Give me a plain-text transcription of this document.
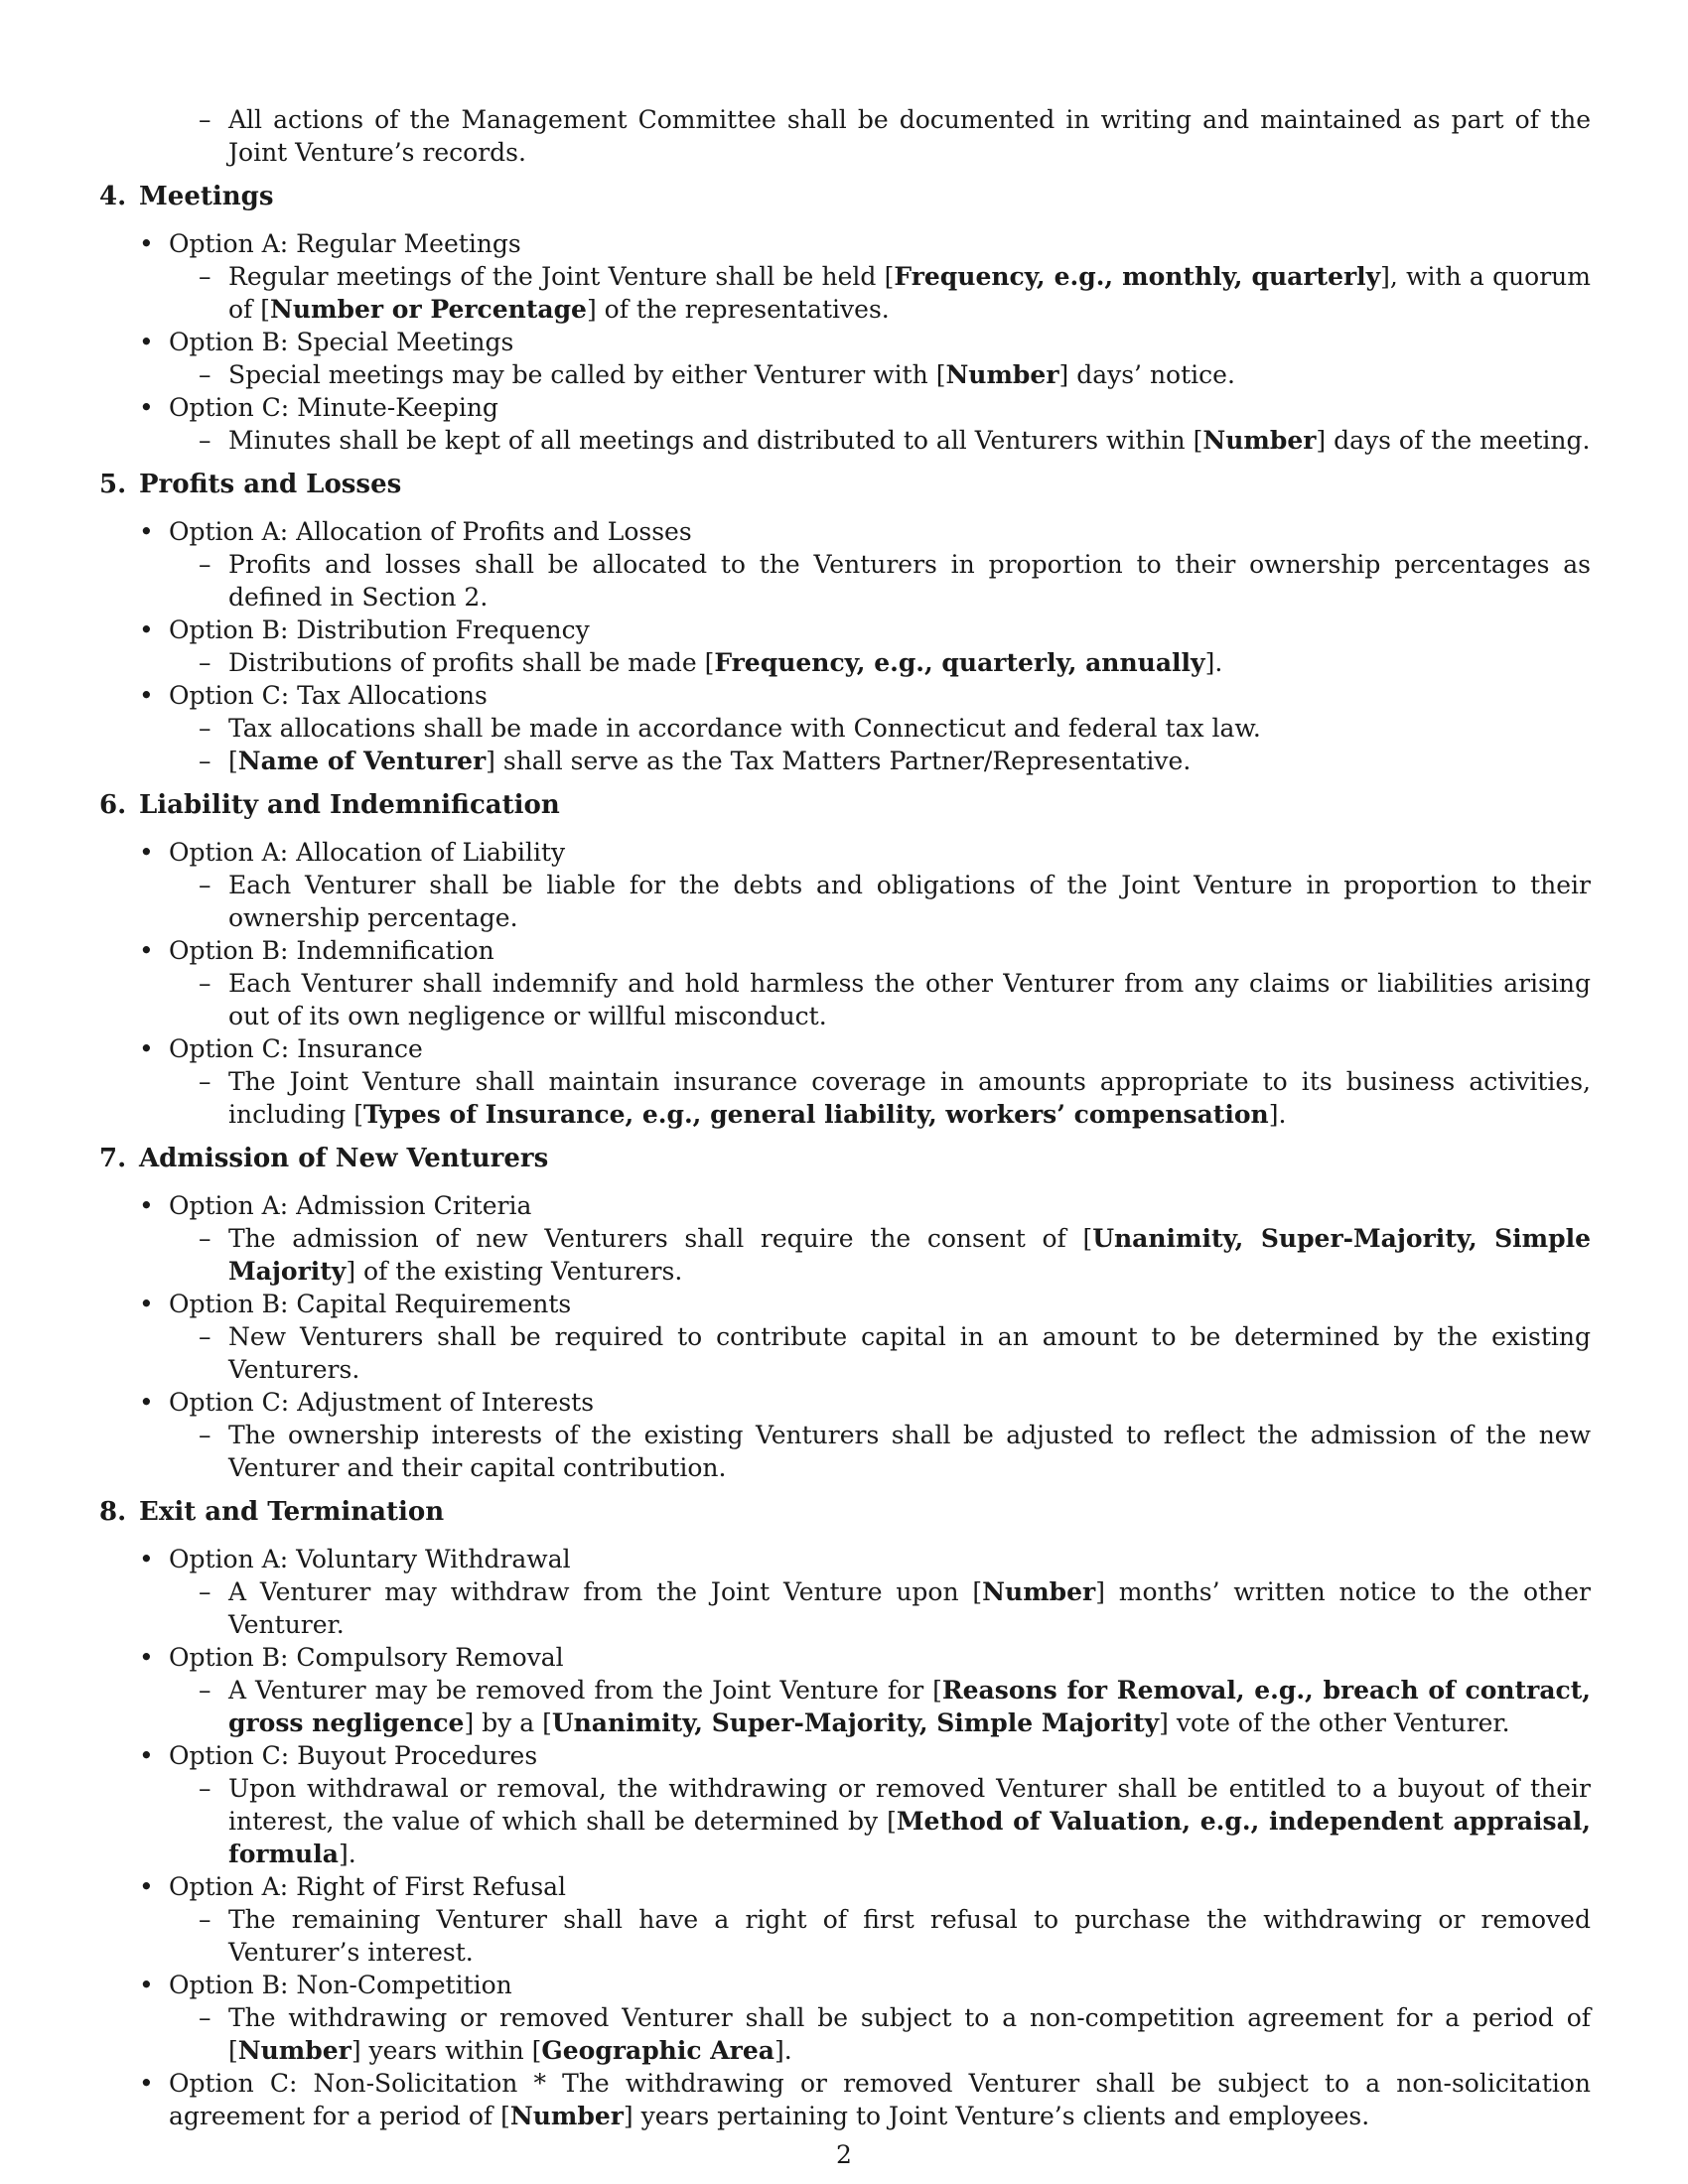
– All actions of the Management Committee shall be documented in writing and maintained as part of the Joint Venture’s records.
4. Meetings
• Option A: Regular Meetings
– Regular meetings of the Joint Venture shall be held [Frequency, e.g., monthly, quarterly], with a quorum of [Number or Percentage] of the representatives.
• Option B: Special Meetings
– Special meetings may be called by either Venturer with [Number] days’ notice.
• Option C: Minute-Keeping
– Minutes shall be kept of all meetings and distributed to all Venturers within [Number] days of the meeting.
5. Profits and Losses
• Option A: Allocation of Profits and Losses
– Profits and losses shall be allocated to the Venturers in proportion to their ownership percentages as defined in Section 2.
• Option B: Distribution Frequency
– Distributions of profits shall be made [Frequency, e.g., quarterly, annually].
• Option C: Tax Allocations
– Tax allocations shall be made in accordance with Connecticut and federal tax law.
– [Name of Venturer] shall serve as the Tax Matters Partner/Representative.
6. Liability and Indemnification
• Option A: Allocation of Liability
– Each Venturer shall be liable for the debts and obligations of the Joint Venture in proportion to their ownership percentage.
• Option B: Indemnification
– Each Venturer shall indemnify and hold harmless the other Venturer from any claims or liabilities arising out of its own negligence or willful misconduct.
• Option C: Insurance
– The Joint Venture shall maintain insurance coverage in amounts appropriate to its business activities, including [Types of Insurance, e.g., general liability, workers’ compensation].
7. Admission of New Venturers
• Option A: Admission Criteria
– The admission of new Venturers shall require the consent of [Unanimity, Super-Majority, Simple Majority] of the existing Venturers.
• Option B: Capital Requirements
– New Venturers shall be required to contribute capital in an amount to be determined by the existing Venturers.
• Option C: Adjustment of Interests
– The ownership interests of the existing Venturers shall be adjusted to reflect the admission of the new Venturer and their capital contribution.
8. Exit and Termination
• Option A: Voluntary Withdrawal
– A Venturer may withdraw from the Joint Venture upon [Number] months’ written notice to the other Venturer.
• Option B: Compulsory Removal
– A Venturer may be removed from the Joint Venture for [Reasons for Removal, e.g., breach of contract, gross negligence] by a [Unanimity, Super-Majority, Simple Majority] vote of the other Venturer.
• Option C: Buyout Procedures
– Upon withdrawal or removal, the withdrawing or removed Venturer shall be entitled to a buyout of their interest, the value of which shall be determined by [Method of Valuation, e.g., independent appraisal, formula].
• Option A: Right of First Refusal
– The remaining Venturer shall have a right of first refusal to purchase the withdrawing or removed Venturer’s interest.
• Option B: Non-Competition
– The withdrawing or removed Venturer shall be subject to a non-competition agreement for a period of [Number] years within [Geographic Area].
• Option C: Non-Solicitation * The withdrawing or removed Venturer shall be subject to a non-solicitation agreement for a period of [Number] years pertaining to Joint Venture’s clients and employees.
2
